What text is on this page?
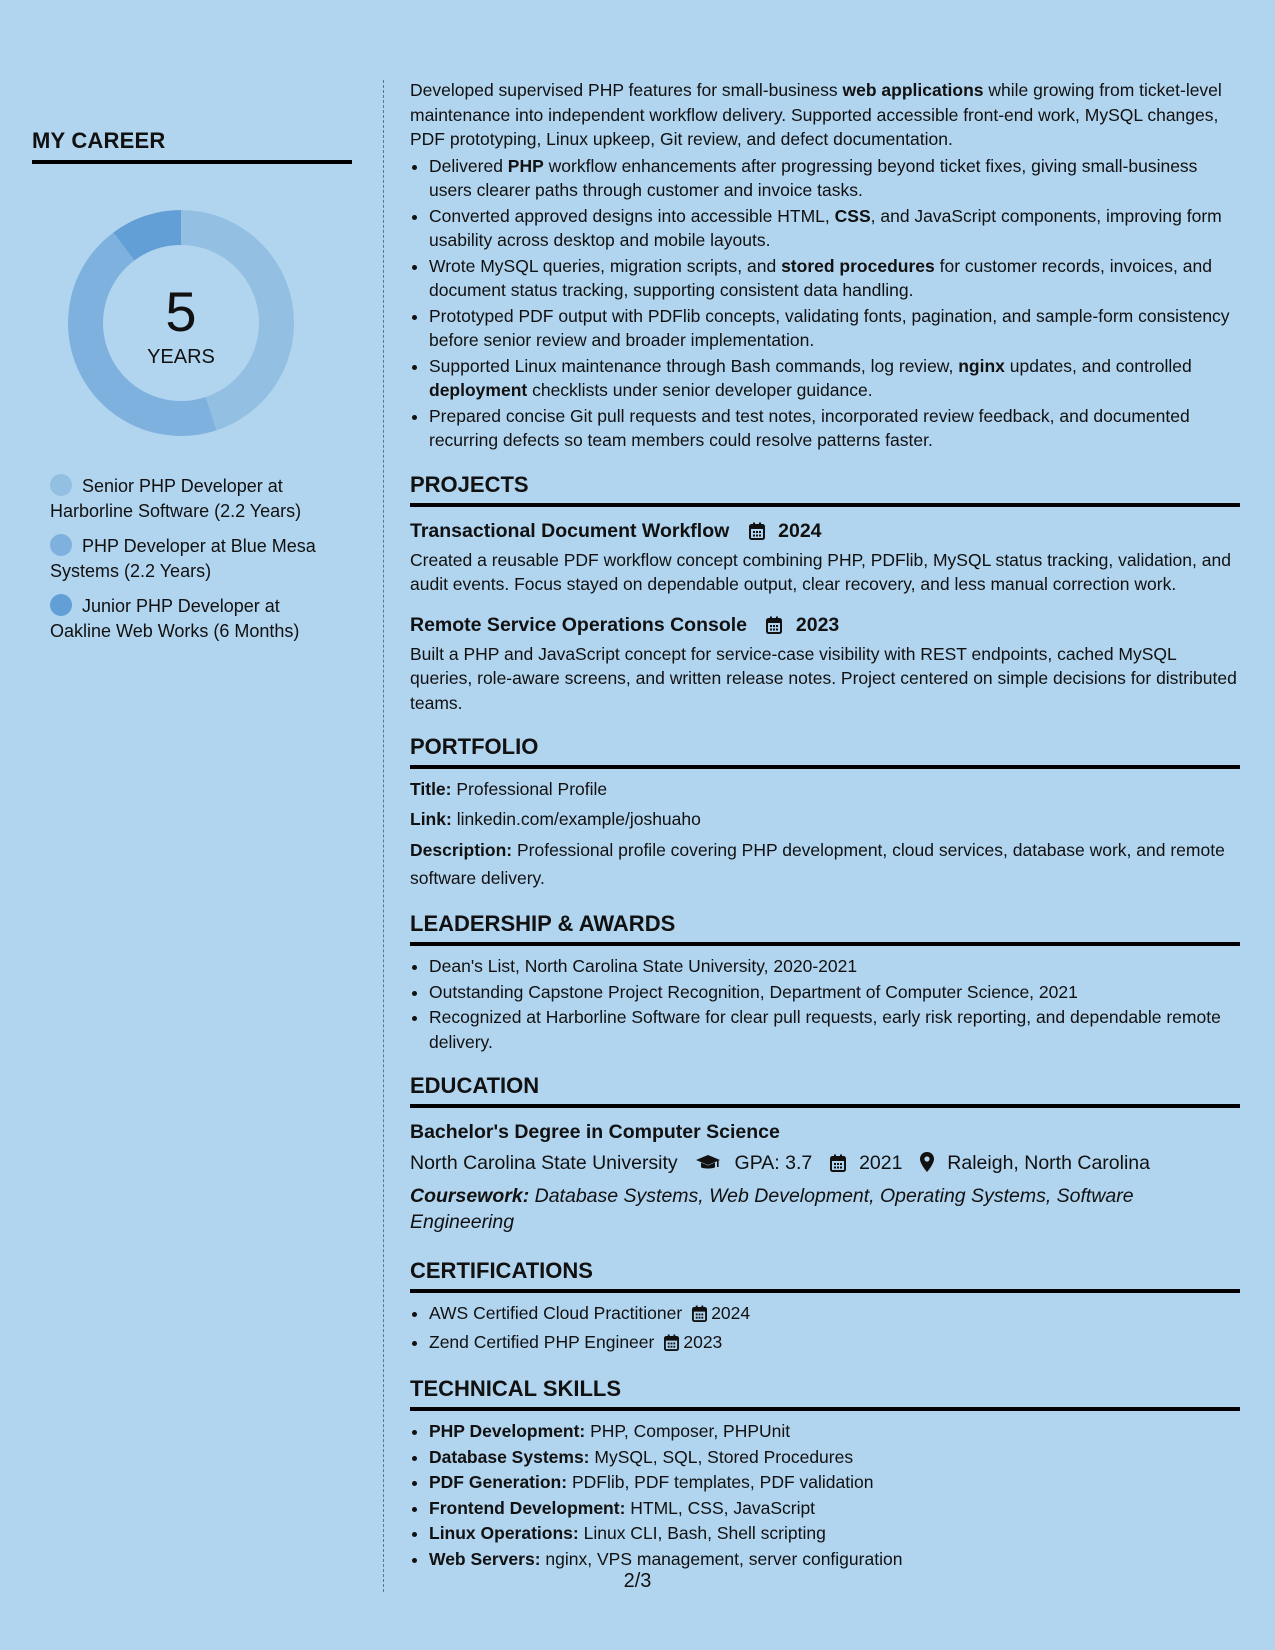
MY CAREER
5
YEARS
Senior PHP Developer at Harborline Software (2.2 Years)
PHP Developer at Blue Mesa Systems (2.2 Years)
Junior PHP Developer at Oakline Web Works (6 Months)

Developed supervised PHP features for small-business web applications while growing from ticket-level maintenance into independent workflow delivery. Supported accessible front-end work, MySQL changes, PDF prototyping, Linux upkeep, Git review, and defect documentation.

• Delivered PHP workflow enhancements after progressing beyond ticket fixes, giving small-business users clearer paths through customer and invoice tasks.
• Converted approved designs into accessible HTML, CSS, and JavaScript components, improving form usability across desktop and mobile layouts.
• Wrote MySQL queries, migration scripts, and stored procedures for customer records, invoices, and document status tracking, supporting consistent data handling.
• Prototyped PDF output with PDFlib concepts, validating fonts, pagination, and sample-form consistency before senior review and broader implementation.
• Supported Linux maintenance through Bash commands, log review, nginx updates, and controlled deployment checklists under senior developer guidance.
• Prepared concise Git pull requests and test notes, incorporated review feedback, and documented recurring defects so team members could resolve patterns faster.
PROJECTS
Transactional Document Workflow	2024

Created a reusable PDF workflow concept combining PHP, PDFlib, MySQL status tracking, validation, and audit events. Focus stayed on dependable output, clear recovery, and less manual correction work.

Remote Service Operations Console	2023

Built a PHP and JavaScript concept for service-case visibility with REST endpoints, cached MySQL queries, role-aware screens, and written release notes. Project centered on simple decisions for distributed teams.

PORTFOLIO
Title: Professional Profile
Link: linkedin.com/example/joshuaho
Description: Professional profile covering PHP development, cloud services, database work, and remote software delivery.
LEADERSHIP & AWARDS
• Dean's List, North Carolina State University, 2020-2021
• Outstanding Capstone Project Recognition, Department of Computer Science, 2021
• Recognized at Harborline Software for clear pull requests, early risk reporting, and dependable remote delivery.
EDUCATION
Bachelor's Degree in Computer Science
North Carolina State University	GPA: 3.7 2021 Raleigh, North Carolina
Coursework: Database Systems, Web Development, Operating Systems, Software Engineering
CERTIFICATIONS
• AWS Certified Cloud Practitioner 2024
• Zend Certified PHP Engineer 2023
TECHNICAL SKILLS
• PHP Development: PHP, Composer, PHPUnit
• Database Systems: MySQL, SQL, Stored Procedures
• PDF Generation: PDFlib, PDF templates, PDF validation
• Frontend Development: HTML, CSS, JavaScript
• Linux Operations: Linux CLI, Bash, Shell scripting
• Web Servers: nginx, VPS management, server configuration
2/3
